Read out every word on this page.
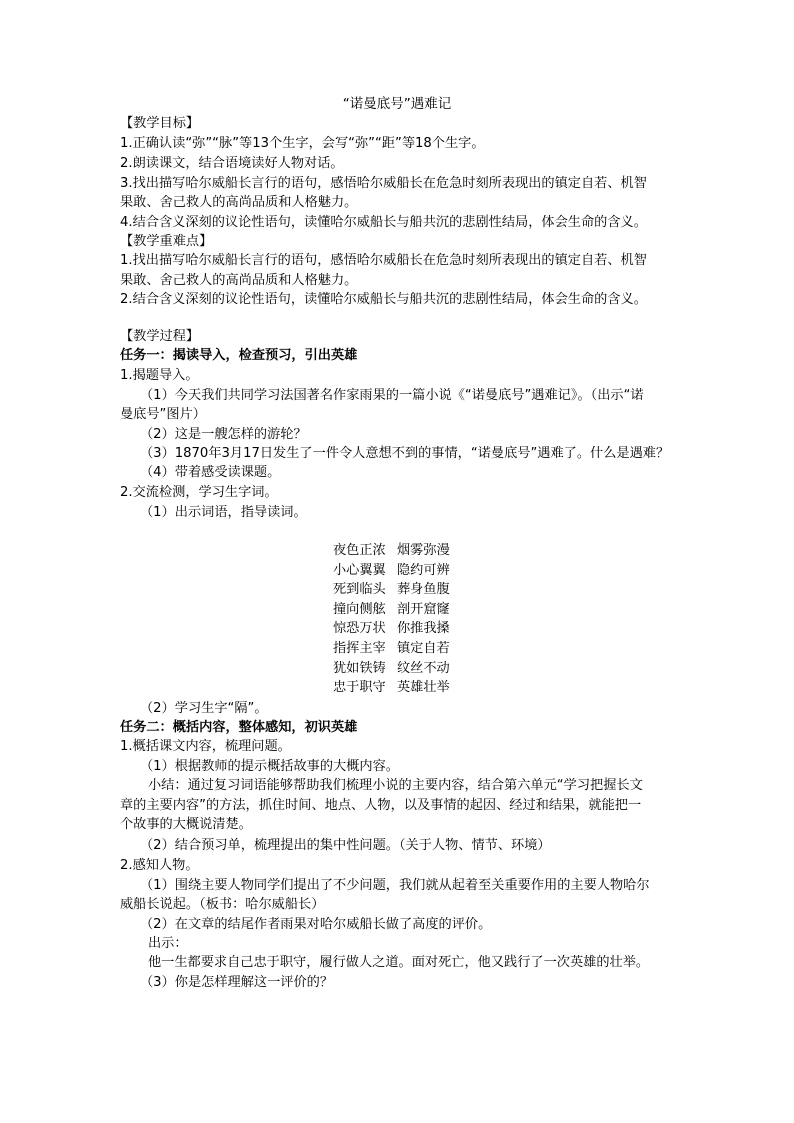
“诺曼底号”遇难记
【教学目标】
1.正确认读“弥”“脉”等13个生字，会写“弥”“距”等18个生字。
2.朗读课文，结合语境读好人物对话。
3.找出描写哈尔威船长言行的语句，感悟哈尔威船长在危急时刻所表现出的镇定自若、机智
果敢、舍己救人的高尚品质和人格魅力。
4.结合含义深刻的议论性语句，读懂哈尔威船长与船共沉的悲剧性结局，体会生命的含义。
【教学重难点】
1.找出描写哈尔威船长言行的语句，感悟哈尔威船长在危急时刻所表现出的镇定自若、机智
果敢、舍己救人的高尚品质和人格魅力。
2.结合含义深刻的议论性语句，读懂哈尔威船长与船共沉的悲剧性结局，体会生命的含义。
【教学过程】
任务一：揭读导入，检查预习，引出英雄
1.揭题导入。
（1）今天我们共同学习法国著名作家雨果的一篇小说《“诺曼底号”遇难记》。（出示“诺
曼底号”图片）
（2）这是一艘怎样的游轮？
（3）1870年3月17日发生了一件令人意想不到的事情，“诺曼底号”遇难了。什么是遇难？
（4）带着感受读课题。
2.交流检测，学习生字词。
（1）出示词语，指导读词。
夜色正浓 烟雾弥漫
小心翼翼 隐约可辨
死到临头 葬身鱼腹
撞向侧舷 剖开窟窿
惊恐万状 你推我搡
指挥主宰 镇定自若
犹如铁铸 纹丝不动
忠于职守 英雄壮举
（2）学习生字“隔”。
任务二：概括内容，整体感知，初识英雄
1.概括课文内容，梳理问题。
（1）根据教师的提示概括故事的大概内容。
小结：通过复习词语能够帮助我们梳理小说的主要内容，结合第六单元“学习把握长文
章的主要内容”的方法，抓住时间、地点、人物，以及事情的起因、经过和结果，就能把一
个故事的大概说清楚。
（2）结合预习单，梳理提出的集中性问题。（关于人物、情节、环境）
2.感知人物。
（1）围绕主要人物同学们提出了不少问题，我们就从起着至关重要作用的主要人物哈尔
威船长说起。（板书：哈尔威船长）
（2）在文章的结尾作者雨果对哈尔威船长做了高度的评价。
出示：
他一生都要求自己忠于职守，履行做人之道。面对死亡，他又践行了一次英雄的壮举。
（3）你是怎样理解这一评价的？
